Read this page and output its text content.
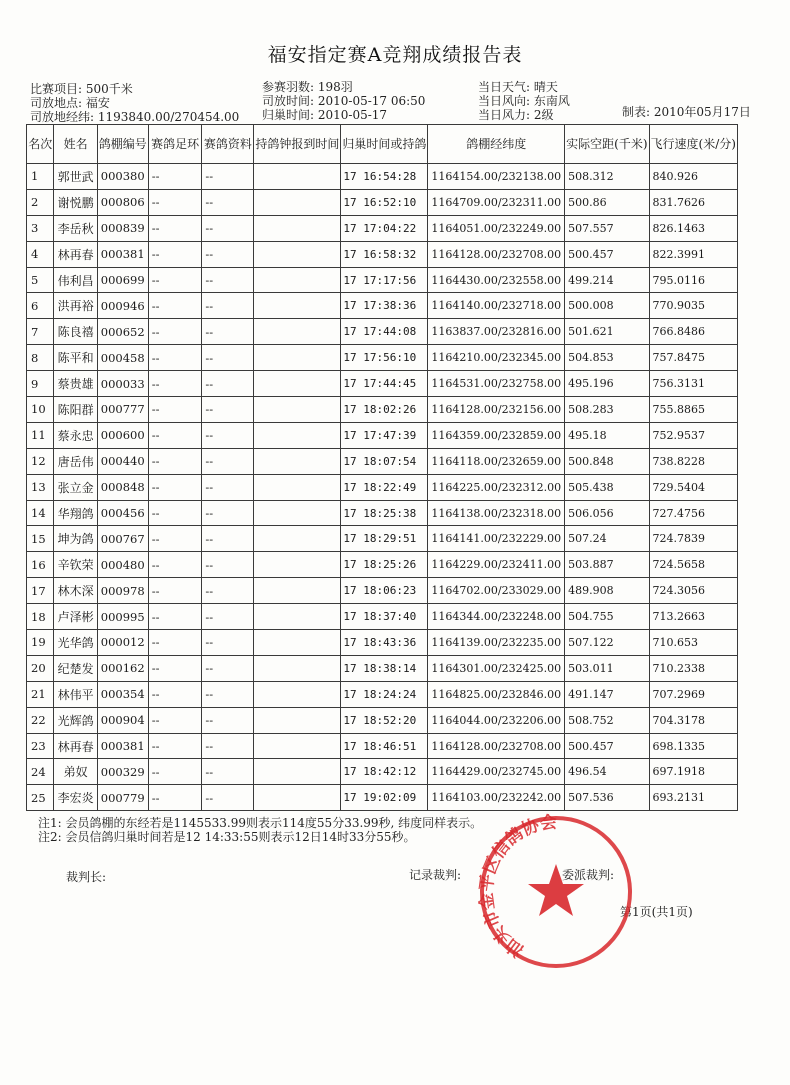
福安指定赛A竞翔成绩报告表
比赛项目: 500千米
司放地点: 福安
司放地经纬: 1193840.00/270454.00
参赛羽数: 198羽
司放时间: 2010-05-17 06:50
归巢时间: 2010-05-17
当日天气: 晴天
当日风向: 东南风
当日风力: 2级	制表: 2010年05月17日
名次	姓名	鸽棚编号	赛鸽足环	赛鸽资料	持鸽钟报到时间	归巢时间或持鸽	鸽棚经纬度	实际空距(千米)	飞行速度(米/分)
1	郭世武	000380	--	--		17 16:54:28	1164154.00/232138.00	508.312	840.926
2	谢悦鹏	000806	--	--		17 16:52:10	1164709.00/232311.00	500.86	831.7626
3	李岳秋	000839	--	--		17 17:04:22	1164051.00/232249.00	507.557	826.1463
4	林再春	000381	--	--		17 16:58:32	1164128.00/232708.00	500.457	822.3991
5	伟利昌	000699	--	--		17 17:17:56	1164430.00/232558.00	499.214	795.0116
6	洪再裕	000946	--	--		17 17:38:36	1164140.00/232718.00	500.008	770.9035
7	陈良禧	000652	--	--		17 17:44:08	1163837.00/232816.00	501.621	766.8486
8	陈平和	000458	--	--		17 17:56:10	1164210.00/232345.00	504.853	757.8475
9	蔡贵雄	000033	--	--		17 17:44:45	1164531.00/232758.00	495.196	756.3131
10	陈阳群	000777	--	--		17 18:02:26	1164128.00/232156.00	508.283	755.8865
11	蔡永忠	000600	--	--		17 17:47:39	1164359.00/232859.00	495.18	752.9537
12	唐岳伟	000440	--	--		17 18:07:54	1164118.00/232659.00	500.848	738.8228
13	张立金	000848	--	--		17 18:22:49	1164225.00/232312.00	505.438	729.5404
14	华翔鸽	000456	--	--		17 18:25:38	1164138.00/232318.00	506.056	727.4756
15	坤为鸽	000767	--	--		17 18:29:51	1164141.00/232229.00	507.24	724.7839
16	辛钦荣	000480	--	--		17 18:25:26	1164229.00/232411.00	503.887	724.5658
17	林木深	000978	--	--		17 18:06:23	1164702.00/233029.00	489.908	724.3056
18	卢泽彬	000995	--	--		17 18:37:40	1164344.00/232248.00	504.755	713.2663
19	光华鸽	000012	--	--		17 18:43:36	1164139.00/232235.00	507.122	710.653
20	纪楚发	000162	--	--		17 18:38:14	1164301.00/232425.00	503.011	710.2338
21	林伟平	000354	--	--		17 18:24:24	1164825.00/232846.00	491.147	707.2969
22	光辉鸽	000904	--	--		17 18:52:20	1164044.00/232206.00	508.752	704.3178
23	林再春	000381	--	--		17 18:46:51	1164128.00/232708.00	500.457	698.1335
24	弟奴	000329	--	--		17 18:42:12	1164429.00/232745.00	496.54	697.1918
25	李宏炎	000779	--	--		17 19:02:09	1164103.00/232242.00	507.536	693.2131
注1: 会员鸽棚的东经若是1145533.99则表示114度55分33.99秒, 纬度同样表示。
注2: 会员信鸽归巢时间若是12 14:33:55则表示12日14时33分55秒。
裁判长:	记录裁判:	委派裁判:
第1页(共1页)
汕头市金平区信鸽协会
